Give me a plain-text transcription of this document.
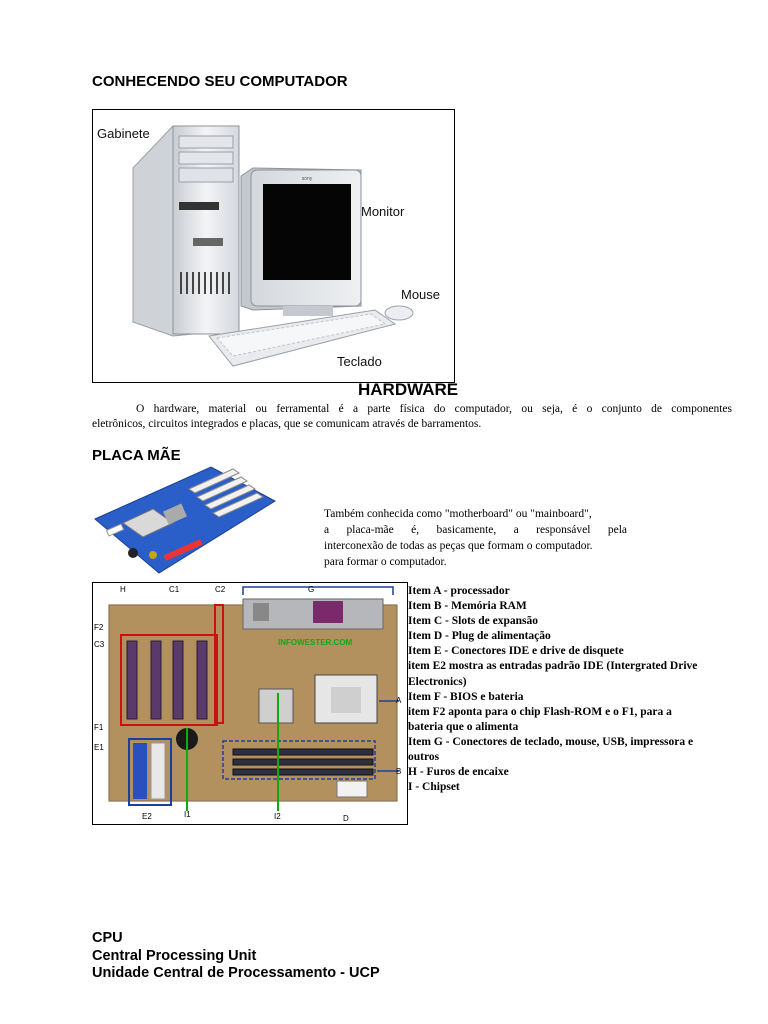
CONHECENDO SEU COMPUTADOR
sony
Gabinete
Monitor
Mouse
Teclado
HARDWARE
O hardware, material ou ferramental é a parte física do computador, ou seja, é o conjunto de componentes
eletrônicos, circuitos integrados e placas, que se comunicam através de barramentos.
PLACA MÃE
Também conhecida como "motherboard" ou "mainboard",
a placa-mãe é, basicamente, a responsável pela
interconexão de todas as peças que formam o computador.
para formar o computador.
INFOWESTER.COM
H	C1	C2	G
F2
C3
A
F1
E1
B
E2	I1	I2	D
Item A - processador
Item B - Memória RAM
Item C - Slots de expansão
Item D - Plug de alimentação
Item E - Conectores IDE e drive de disquete
item E2 mostra as entradas padrão IDE (Intergrated Drive
Electronics)
Item F - BIOS e bateria
item F2 aponta para o chip Flash-ROM e o F1, para a
bateria que o alimenta
Item G - Conectores de teclado, mouse, USB, impressora e
outros
H - Furos de encaixe
I - Chipset
CPU
Central Processing Unit
Unidade Central de Processamento - UCP
